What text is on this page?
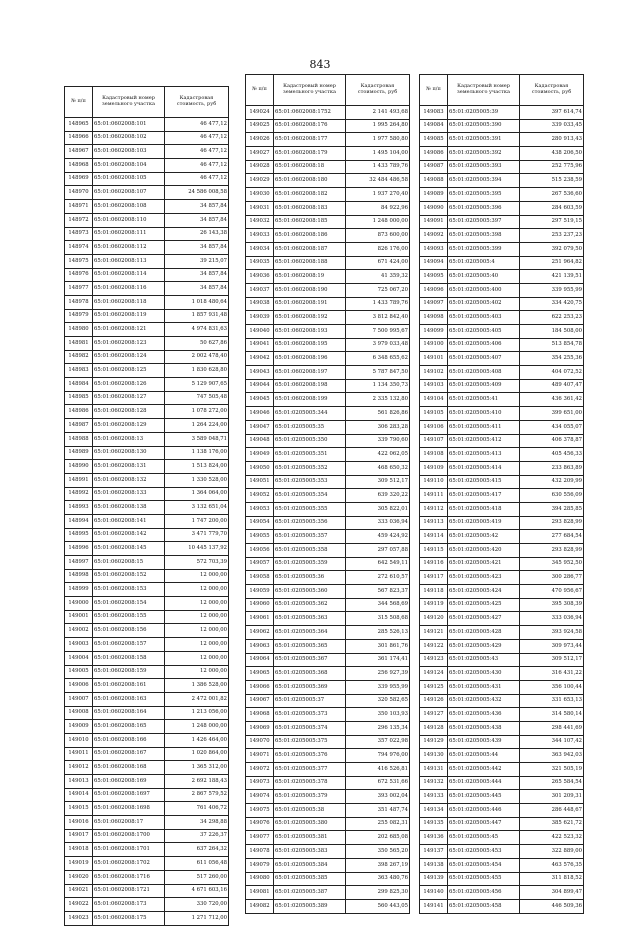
843
№ п/п	Кадастровый номер земельного участка	Кадастровая стоимость, руб
148965	65:01:0602008:101	46 477,12
148966	65:01:0602008:102	46 477,12
148967	65:01:0602008:103	46 477,12
148968	65:01:0602008:104	46 477,12
148969	65:01:0602008:105	46 477,12
148970	65:01:0602008:107	24 586 008,58
148971	65:01:0602008:108	34 857,84
148972	65:01:0602008:110	34 857,84
148973	65:01:0602008:111	26 143,38
148974	65:01:0602008:112	34 857,84
148975	65:01:0602008:113	39 215,07
148976	65:01:0602008:114	34 857,84
148977	65:01:0602008:116	34 857,84
148978	65:01:0602008:118	1 018 480,64
148979	65:01:0602008:119	1 857 931,48
148980	65:01:0602008:121	4 974 831,63
148981	65:01:0602008:123	50 627,86
148982	65:01:0602008:124	2 002 478,40
148983	65:01:0602008:125	1 830 628,80
148984	65:01:0602008:126	5 129 907,65
148985	65:01:0602008:127	747 505,48
148986	65:01:0602008:128	1 078 272,00
148987	65:01:0602008:129	1 264 224,00
148988	65:01:0602008:13	3 589 048,71
148989	65:01:0602008:130	1 138 176,00
148990	65:01:0602008:131	1 513 824,00
148991	65:01:0602008:132	1 330 528,00
148992	65:01:0602008:133	1 364 064,00
148993	65:01:0602008:138	3 132 651,04
148994	65:01:0602008:141	1 747 200,00
148995	65:01:0602008:142	3 471 779,70
148996	65:01:0602008:145	10 445 137,92
148997	65:01:0602008:15	572 703,39
148998	65:01:0602008:152	12 000,00
148999	65:01:0602008:153	12 000,00
149000	65:01:0602008:154	12 000,00
149001	65:01:0602008:155	12 000,00
149002	65:01:0602008:156	12 000,00
149003	65:01:0602008:157	12 000,00
149004	65:01:0602008:158	12 000,00
149005	65:01:0602008:159	12 000,00
149006	65:01:0602008:161	1 386 528,00
149007	65:01:0602008:163	2 472 001,82
149008	65:01:0602008:164	1 213 056,00
149009	65:01:0602008:165	1 248 000,00
149010	65:01:0602008:166	1 426 464,00
149011	65:01:0602008:167	1 020 864,00
149012	65:01:0602008:168	1 365 312,00
149013	65:01:0602008:169	2 692 188,43
149014	65:01:0602008:1697	2 867 579,52
149015	65:01:0602008:1698	761 406,72
149016	65:01:0602008:17	34 298,88
149017	65:01:0602008:1700	37 226,37
149018	65:01:0602008:1701	637 264,32
149019	65:01:0602008:1702	611 056,48
149020	65:01:0602008:1716	517 260,00
149021	65:01:0602008:1721	4 671 603,16
149022	65:01:0602008:173	330 720,00
149023	65:01:0602008:175	1 271 712,00
№ п/п	Кадастровый номер земельного участка	Кадастровая стоимость, руб
149024	65:01:0602008:1752	2 141 493,68
149025	65:01:0602008:176	1 995 264,80
149026	65:01:0602008:177	1 977 580,80
149027	65:01:0602008:179	1 495 104,00
149028	65:01:0602008:18	1 433 789,76
149029	65:01:0602008:180	32 484 486,58
149030	65:01:0602008:182	1 937 270,40
149031	65:01:0602008:183	84 922,96
149032	65:01:0602008:185	1 248 000,00
149033	65:01:0602008:186	873 600,00
149034	65:01:0602008:187	826 176,00
149035	65:01:0602008:188	671 424,00
149036	65:01:0602008:19	41 359,32
149037	65:01:0602008:190	725 067,20
149038	65:01:0602008:191	1 433 789,76
149039	65:01:0602008:192	3 812 842,40
149040	65:01:0602008:193	7 500 995,67
149041	65:01:0602008:195	3 979 033,48
149042	65:01:0602008:196	6 348 655,62
149043	65:01:0602008:197	5 787 847,50
149044	65:01:0602008:198	1 134 350,73
149045	65:01:0602008:199	2 335 132,80
149046	65:01:0205005:344	561 826,86
149047	65:01:0205005:35	306 283,28
149048	65:01:0205005:350	339 790,60
149049	65:01:0205005:351	422 062,05
149050	65:01:0205005:352	468 650,32
149051	65:01:0205005:353	309 512,17
149052	65:01:0205005:354	639 320,22
149053	65:01:0205005:355	305 822,01
149054	65:01:0205005:356	333 036,94
149055	65:01:0205005:357	459 424,92
149056	65:01:0205005:358	297 057,88
149057	65:01:0205005:359	642 549,11
149058	65:01:0205005:36	272 610,57
149059	65:01:0205005:360	567 823,37
149060	65:01:0205005:362	344 568,69
149061	65:01:0205005:363	315 508,68
149062	65:01:0205005:364	285 526,13
149063	65:01:0205005:365	301 861,76
149064	65:01:0205005:367	361 174,41
149065	65:01:0205005:368	256 927,39
149066	65:01:0205005:369	339 955,99
149067	65:01:0205005:37	320 582,65
149068	65:01:0205005:373	350 103,93
149069	65:01:0205005:374	296 135,34
149070	65:01:0205005:375	357 022,98
149071	65:01:0205005:376	794 976,00
149072	65:01:0205005:377	416 526,81
149073	65:01:0205005:378	672 531,66
149074	65:01:0205005:379	393 002,04
149075	65:01:0205005:38	351 487,74
149076	65:01:0205005:380	255 082,31
149077	65:01:0205005:381	202 685,08
149078	65:01:0205005:383	350 565,20
149079	65:01:0205005:384	398 267,19
149080	65:01:0205005:385	363 480,76
149081	65:01:0205005:387	299 825,30
149082	65:01:0205005:389	560 443,05
№ п/п	Кадастровый номер земельного участка	Кадастровая стоимость, руб
149083	65:01:0205005:39	397 614,74
149084	65:01:0205005:390	339 033,45
149085	65:01:0205005:391	280 913,43
149086	65:01:0205005:392	438 206,50
149087	65:01:0205005:393	252 775,96
149088	65:01:0205005:394	515 238,59
149089	65:01:0205005:395	267 536,60
149090	65:01:0205005:396	284 603,59
149091	65:01:0205005:397	297 519,15
149092	65:01:0205005:398	253 237,23
149093	65:01:0205005:399	392 079,50
149094	65:01:0205005:4	251 964,82
149095	65:01:0205005:40	421 139,51
149096	65:01:0205005:400	339 955,99
149097	65:01:0205005:402	334 420,75
149098	65:01:0205005:403	622 253,23
149099	65:01:0205005:405	184 508,00
149100	65:01:0205005:406	513 854,78
149101	65:01:0205005:407	354 255,36
149102	65:01:0205005:408	404 072,52
149103	65:01:0205005:409	489 407,47
149104	65:01:0205005:41	436 361,42
149105	65:01:0205005:410	399 651,00
149106	65:01:0205005:411	434 055,07
149107	65:01:0205005:412	406 378,87
149108	65:01:0205005:413	405 456,33
149109	65:01:0205005:414	233 863,89
149110	65:01:0205005:415	432 209,99
149111	65:01:0205005:417	630 556,09
149112	65:01:0205005:418	394 285,85
149113	65:01:0205005:419	293 828,99
149114	65:01:0205005:42	277 684,54
149115	65:01:0205005:420	293 828,99
149116	65:01:0205005:421	345 952,50
149117	65:01:0205005:423	300 286,77
149118	65:01:0205005:424	470 956,67
149119	65:01:0205005:425	395 308,39
149120	65:01:0205005:427	333 036,94
149121	65:01:0205005:428	393 924,58
149122	65:01:0205005:429	309 973,44
149123	65:01:0205005:43	309 512,17
149124	65:01:0205005:430	316 431,22
149125	65:01:0205005:431	356 100,44
149126	65:01:0205005:432	331 653,13
149127	65:01:0205005:436	314 580,14
149128	65:01:0205005:438	298 441,69
149129	65:01:0205005:439	344 107,42
149130	65:01:0205005:44	363 942,03
149131	65:01:0205005:442	321 505,19
149132	65:01:0205005:444	265 584,54
149133	65:01:0205005:445	301 209,31
149134	65:01:0205005:446	286 448,67
149135	65:01:0205005:447	385 621,72
149136	65:01:0205005:45	422 523,32
149137	65:01:0205005:453	322 889,00
149138	65:01:0205005:454	463 576,35
149139	65:01:0205005:455	311 818,52
149140	65:01:0205005:456	304 899,47
149141	65:01:0205005:458	446 509,36
